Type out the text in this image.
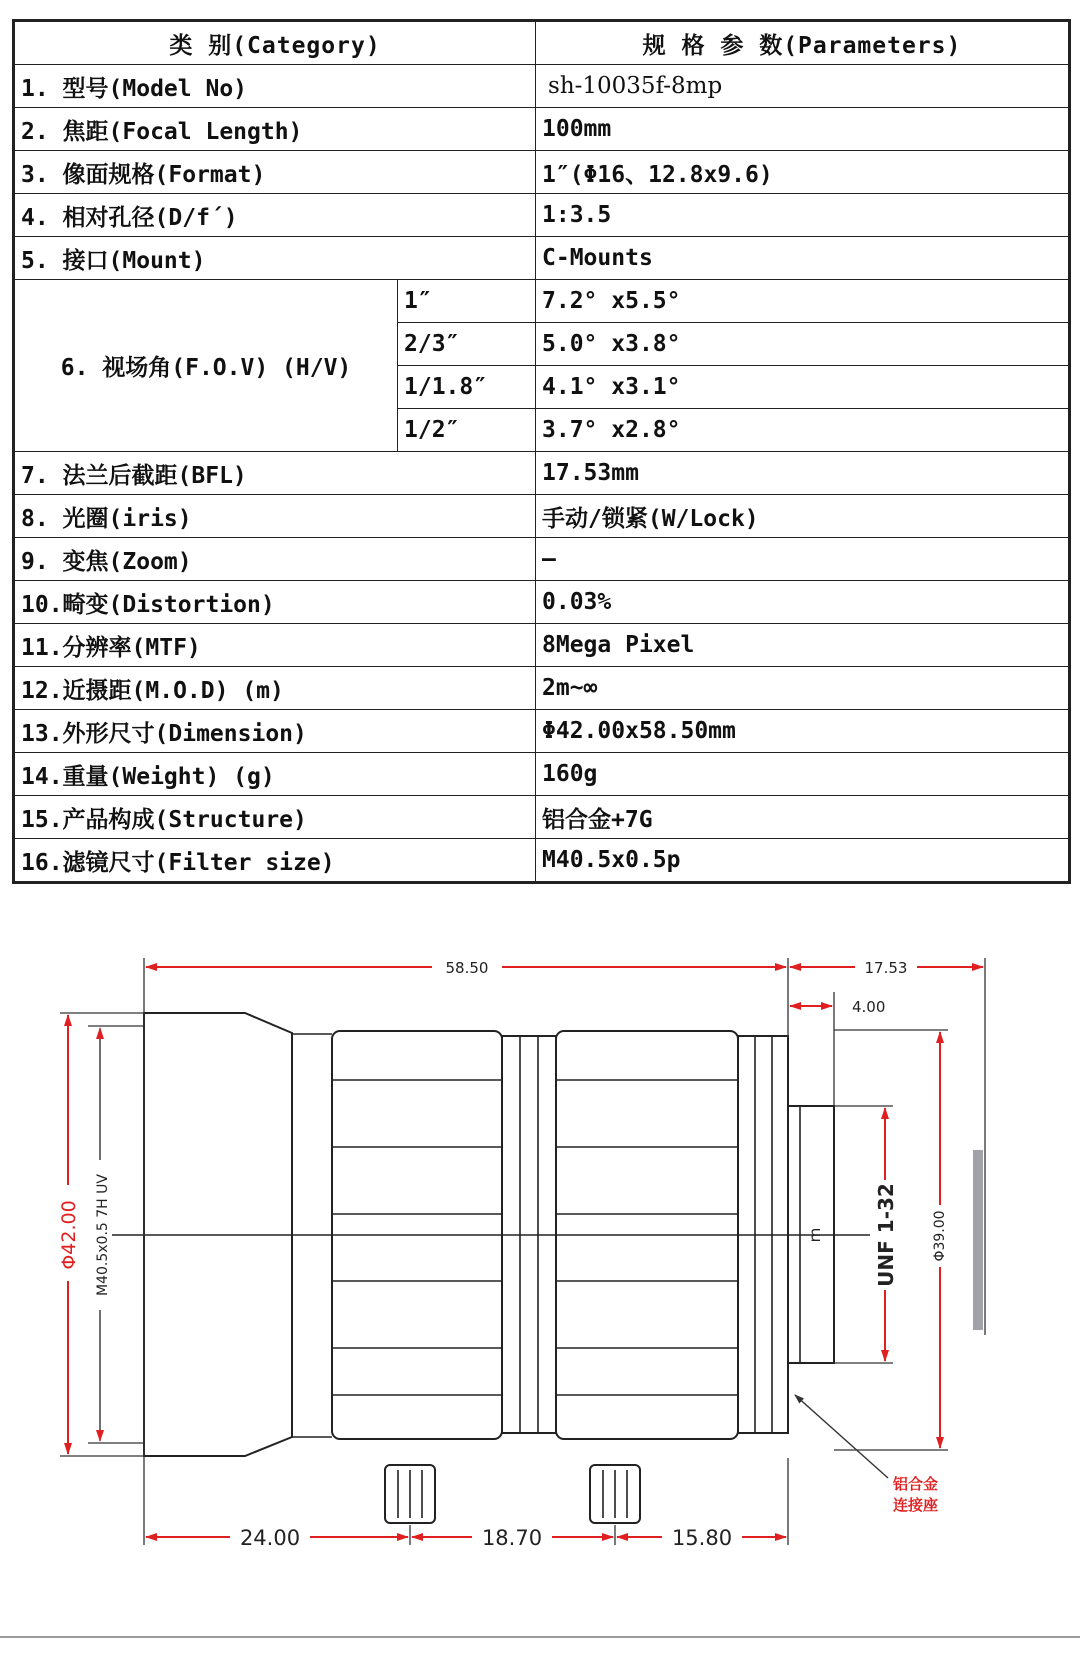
类 别(Category)		规 格 参 数(Parameters)
1. 型号(Model No)		sh-10035f-8mp
2. 焦距(Focal Length)		100mm
3. 像面规格(Format)		1″(Φ16、12.8x9.6)
4. 相对孔径(D/f´)		1:3.5
5. 接口(Mount)		C-Mounts
6. 视场角(F.O.V) (H/V)	1″	7.2° x5.5°
	2/3″	5.0° x3.8°
	1/1.8″	4.1° x3.1°
	1/2″	3.7° x2.8°
7. 法兰后截距(BFL)		17.53mm
8. 光圈(iris)		手动/锁紧(W/Lock)
9. 变焦(Zoom)		–
10.畸变(Distortion)		0.03%
11.分辨率(MTF)		8Mega Pixel
12.近摄距(M.O.D) (m)		2m~∞
13.外形尺寸(Dimension)		Φ42.00x58.50mm
14.重量(Weight) (g)		160g
15.产品构成(Structure)		铝合金+7G
16.滤镜尺寸(Filter size)		M40.5x0.5p
58.50	17.53
4.00
24.00	18.70	15.80
Φ42.00 M40.5x0.5 7H UV	Φ39.00
UNF 1-32
m
铝合金
连接座
